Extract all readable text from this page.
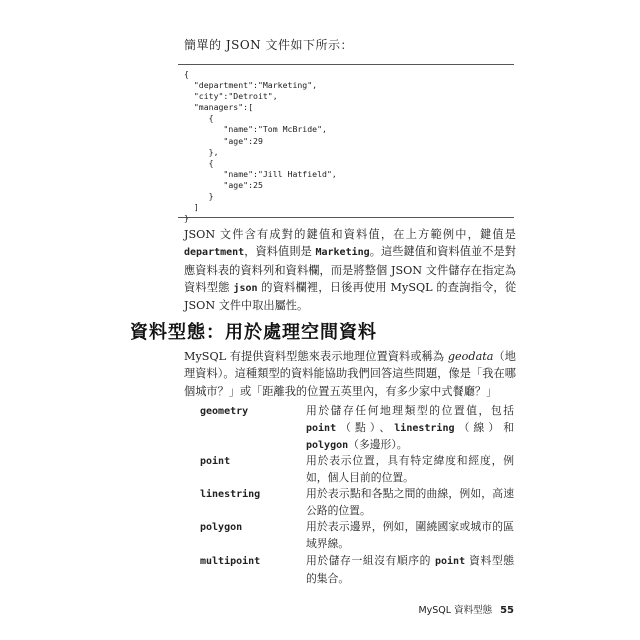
簡單的 JSON 文件如下所示：
{
"department":"Marketing",
"city":"Detroit",
"managers":[
{
"name":"Tom McBride",
"age":29
},
{
"name":"Jill Hatfield",
"age":25
}
]
}

JSON 文件含有成對的鍵值和資料值，在上方範例中，鍵值是 department，資料值則是 Marketing。這些鍵值和資料值並不是對應資料表的資料列和資料欄，而是將整個 JSON 文件儲存在指定為資料型態 json 的資料欄裡，日後再使用 MySQL 的查詢指令，從 JSON 文件中取出屬性。

資料型態：用於處理空間資料

MySQL 有提供資料型態來表示地理位置資料或稱為 geodata（地理資料）。這種類型的資料能協助我們回答這些問題，像是「我在哪個城市？」或「距離我的位置五英里內，有多少家中式餐廳？」

geometry	用於儲存任何地理類型的位置值，包括 point（點）、linestring（線）和 polygon（多邊形）。
point	用於表示位置，具有特定緯度和經度，例如，個人目前的位置。
linestring	用於表示點和各點之間的曲線，例如，高速公路的位置。
polygon	用於表示邊界，例如，圍繞國家或城市的區域界線。
multipoint	用於儲存一組沒有順序的 point 資料型態的集合。
MySQL 資料型態 55
